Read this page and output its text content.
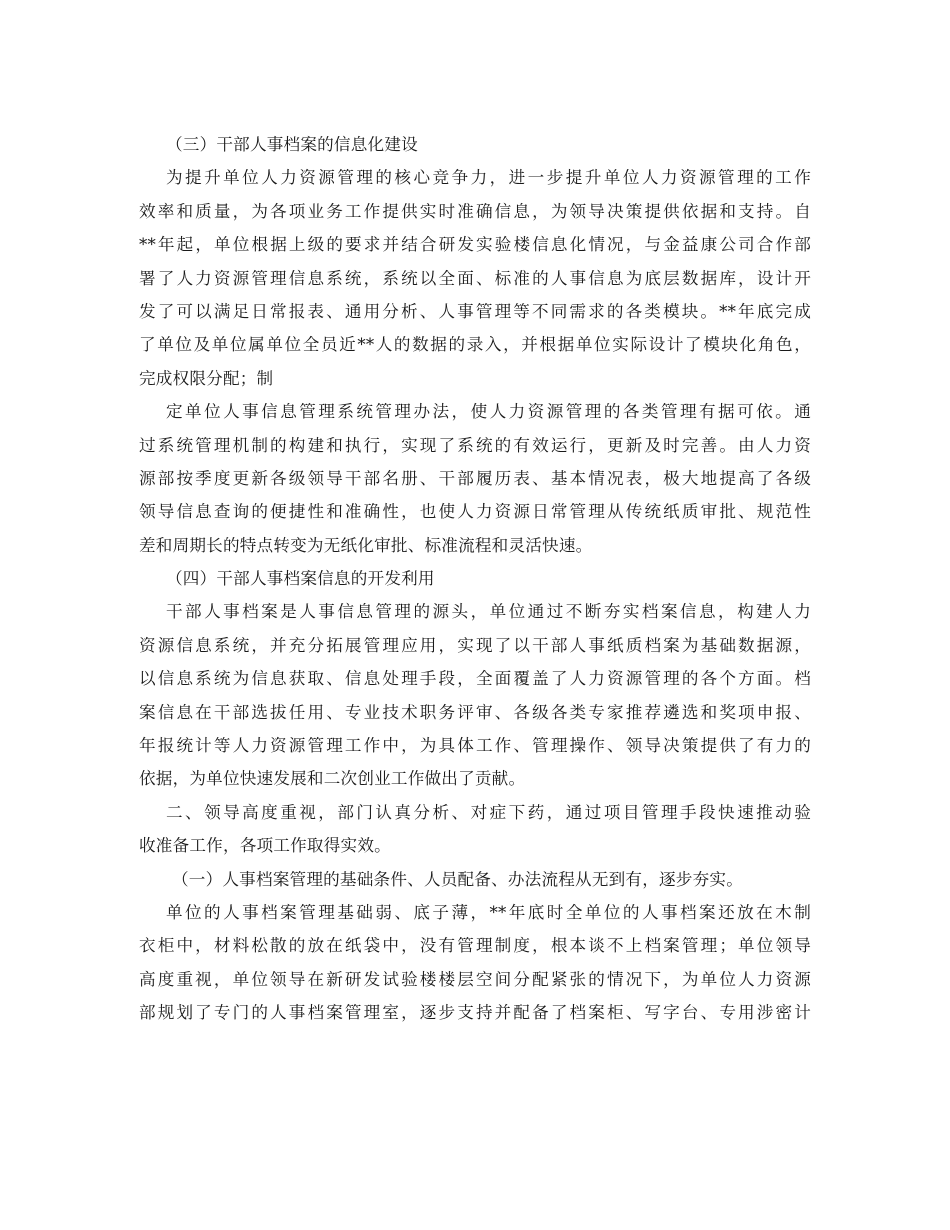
（三）干部人事档案的信息化建设
为提升单位人力资源管理的核心竞争力，进一步提升单位人力资源管理的工作
效率和质量，为各项业务工作提供实时准确信息，为领导决策提供依据和支持。自
**年起，单位根据上级的要求并结合研发实验楼信息化情况，与金益康公司合作部
署了人力资源管理信息系统，系统以全面、标准的人事信息为底层数据库，设计开
发了可以满足日常报表、通用分析、人事管理等不同需求的各类模块。**年底完成
了单位及单位属单位全员近**人的数据的录入，并根据单位实际设计了模块化角色，
完成权限分配；制
定单位人事信息管理系统管理办法，使人力资源管理的各类管理有据可依。通
过系统管理机制的构建和执行，实现了系统的有效运行，更新及时完善。由人力资
源部按季度更新各级领导干部名册、干部履历表、基本情况表，极大地提高了各级
领导信息查询的便捷性和准确性，也使人力资源日常管理从传统纸质审批、规范性
差和周期长的特点转变为无纸化审批、标准流程和灵活快速。
（四）干部人事档案信息的开发利用
干部人事档案是人事信息管理的源头，单位通过不断夯实档案信息，构建人力
资源信息系统，并充分拓展管理应用，实现了以干部人事纸质档案为基础数据源，
以信息系统为信息获取、信息处理手段，全面覆盖了人力资源管理的各个方面。档
案信息在干部选拔任用、专业技术职务评审、各级各类专家推荐遴选和奖项申报、
年报统计等人力资源管理工作中，为具体工作、管理操作、领导决策提供了有力的
依据，为单位快速发展和二次创业工作做出了贡献。
二、领导高度重视，部门认真分析、对症下药，通过项目管理手段快速推动验
收准备工作，各项工作取得实效。
（一）人事档案管理的基础条件、人员配备、办法流程从无到有，逐步夯实。
单位的人事档案管理基础弱、底子薄，**年底时全单位的人事档案还放在木制
衣柜中，材料松散的放在纸袋中，没有管理制度，根本谈不上档案管理；单位领导
高度重视，单位领导在新研发试验楼楼层空间分配紧张的情况下，为单位人力资源
部规划了专门的人事档案管理室，逐步支持并配备了档案柜、写字台、专用涉密计
